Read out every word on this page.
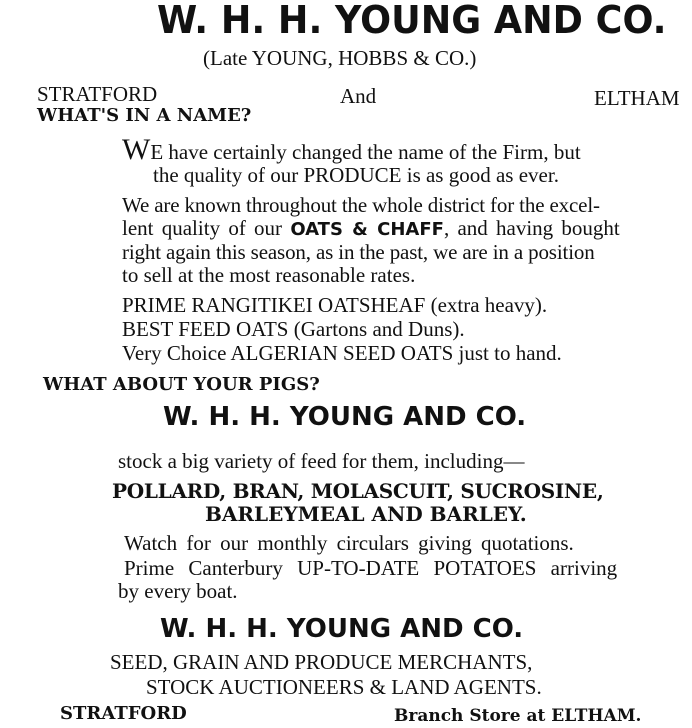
W. H. H. YOUNG AND CO.
(Late YOUNG, HOBBS & CO.)
STRATFORD	And	ELTHAM
WHAT'S IN A NAME?
WE have certainly changed the name of the Firm, but
the quality of our PRODUCE is as good as ever.
We are known throughout the whole district for the excel-
lent quality of our OATS & CHAFF, and having bought
right again this season, as in the past, we are in a position
to sell at the most reasonable rates.
PRIME RANGITIKEI OATSHEAF (extra heavy).
BEST FEED OATS (Gartons and Duns).
Very Choice ALGERIAN SEED OATS just to hand.
WHAT ABOUT YOUR PIGS?
W. H. H. YOUNG AND CO.
stock a big variety of feed for them, including—
POLLARD, BRAN, MOLASCUIT, SUCROSINE,
BARLEYMEAL AND BARLEY.
Watch for our monthly circulars giving quotations.
Prime Canterbury UP-TO-DATE POTATOES arriving
by every boat.
W. H. H. YOUNG AND CO.
SEED, GRAIN AND PRODUCE MERCHANTS,
STOCK AUCTIONEERS & LAND AGENTS.
STRATFORD	Branch Store at ELTHAM.
